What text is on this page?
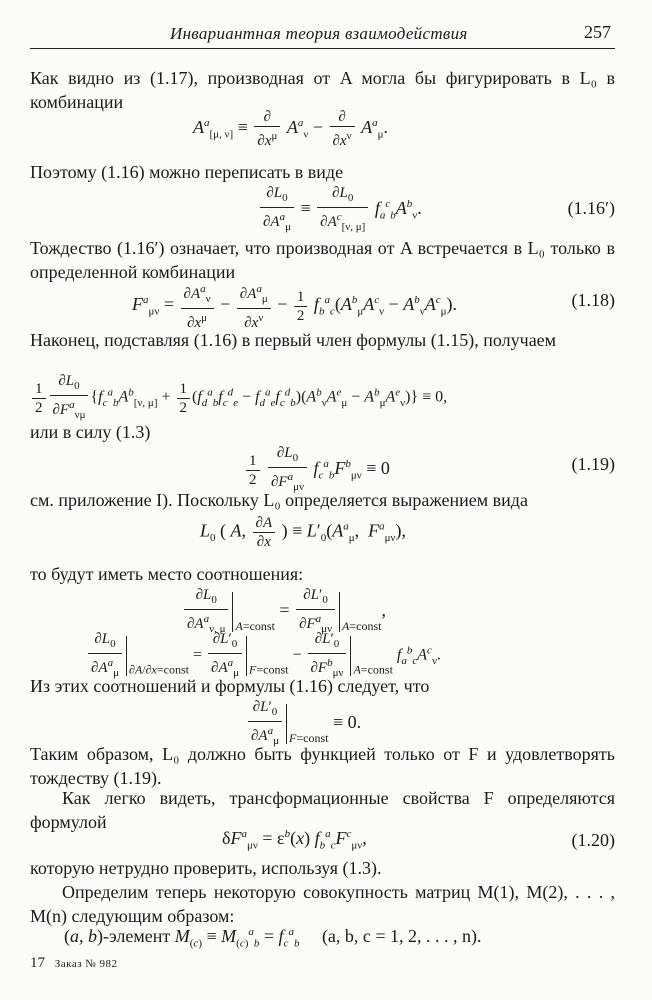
Инвариантная теория взаимодействия	257
Как видно из (1.17), производная от A могла бы фигурировать в L₀ в комбинации
$A^a_{[\mu, \nu]} \equiv \frac{\partial}{\partial x^\mu} A^a_\nu - \frac{\partial}{\partial x^\nu} A^a_\mu$.
Поэтому (1.16) можно переписать в виде
$\frac{\partial L_0}{\partial A^a_\mu} \equiv \frac{\partial L_0}{\partial A^c_{[\nu, \mu]}} f_a^c_bA^b_\nu$.	(1.16′)
Тождество (1.16′) означает, что производная от A встречается в L₀ только в определенной комбинации
$F^a_{\mu\nu} = \frac{\partial A^a_\nu}{\partial x^\mu} - \frac{\partial A^a_\mu}{\partial x^\nu} - \frac{1}{2} f_b^a_c(A^b_\mu A^c_\nu - A^b_\nu A^c_\mu)$.	(1.18)
Наконец, подставляя (1.16) в первый член формулы (1.15), получаем
$\frac{1}{2} \frac{\partial L_0}{\partial F^a_{\nu\mu}} \{f_c^a_bA^b_{[\nu, \mu]} + \frac{1}{2} (f_d^a_bf_c^d_e - f_d^a_ef_c^d_b)(A^b_\nu A^e_\mu - A^b_\mu A^e_\nu)\} \equiv 0$,
или в силу (1.3)
$\frac{1}{2}$
$\frac{\partial L_0}{\partial F^a_{\mu\nu}} f_c^a_bF^b_{\mu\nu} \equiv 0$	(1.19)
см. приложение I). Поскольку L₀ определяется выражением вида
$L_0$ ( A, $\frac{\partial A}{\partial x}$ ) ≡ $L'_0(A^a_\mu$,  $F^a_{\mu\nu}$),
то будут иметь место соотношения:
$\frac{\partial L_0}{\partial A^a_{\nu, \mu}} _{A=const} = \frac{\partial L'_0}{\partial F^a_{\mu\nu}} _{A=const}$,
$\frac{\partial L_0}{\partial A^a_\mu} _{\partial A/\partial x=const} = \frac{\partial L'_0}{\partial A^a_\mu} _{F=const} - \frac{\partial L'_0}{\partial F^b_{\mu\nu}} _{A=const}$ $f_a^b_cA^c_\nu$.
Из этих соотношений и формулы (1.16) следует, что
$\frac{\partial L'_0}{\partial A^a_\mu} _{F=const} \equiv 0$.
Таким образом, L₀ должно быть функцией только от F и удовлетворять тождеству (1.19).
Как легко видеть, трансформационные свойства F определяются формулой
$\delta F^a_{\mu\nu} = \varepsilon^b(x)$ $f_b^a_cF^c_{\mu\nu}$,	(1.20)
которую нетрудно проверить, используя (1.3).
Определим теперь некоторую совокупность матриц M(1), M(2), . . . , M(n) следующим образом:
(a, b)-элемент $M_{(c)} \equiv M_{(c)}^a_b = f_c^a_b$ (a, b, c = 1, 2, . . . , n).
17 Заказ № 982
